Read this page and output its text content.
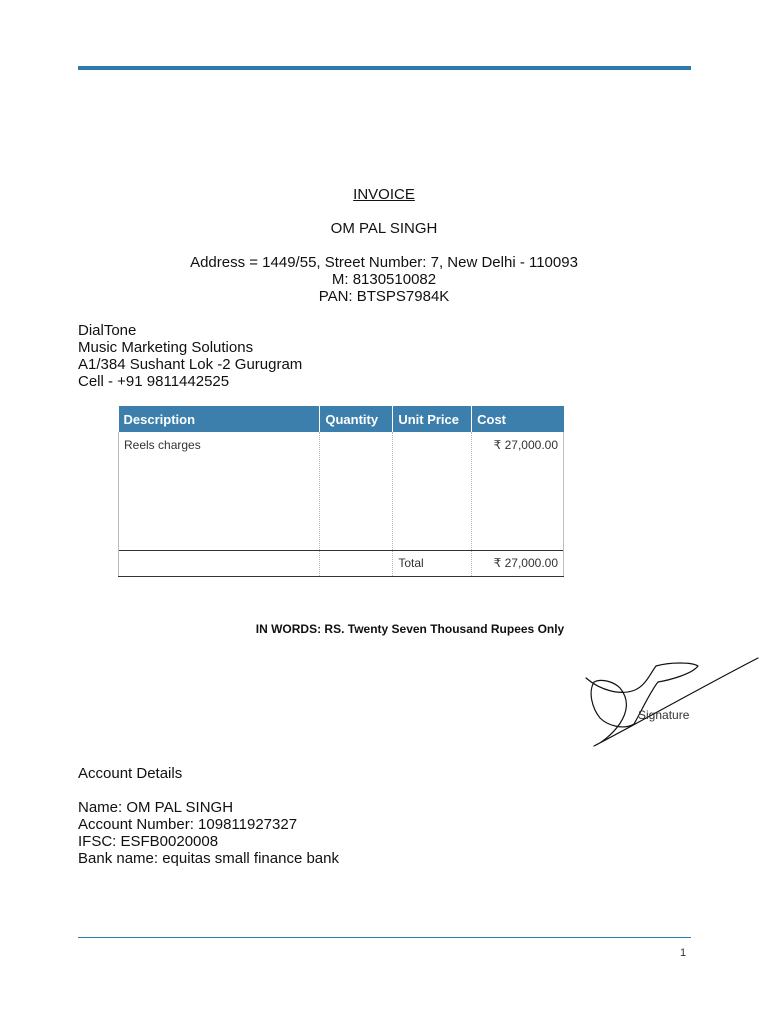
INVOICE
OM PAL SINGH
Address = 1449/55, Street Number: 7, New Delhi - 110093
M: 8130510082
PAN: BTSPS7984K
DialTone
Music Marketing Solutions
A1/384 Sushant Lok -2 Gurugram
Cell - +91 9811442525
Description	Quantity	Unit Price	Cost
Reels charges			₹ 27,000.00
		Total	₹ 27,000.00
IN WORDS: RS. Twenty Seven Thousand Rupees Only
Signature
Account Details
Name: OM PAL SINGH
Account Number: 109811927327
IFSC: ESFB0020008
Bank name: equitas small finance bank
1
